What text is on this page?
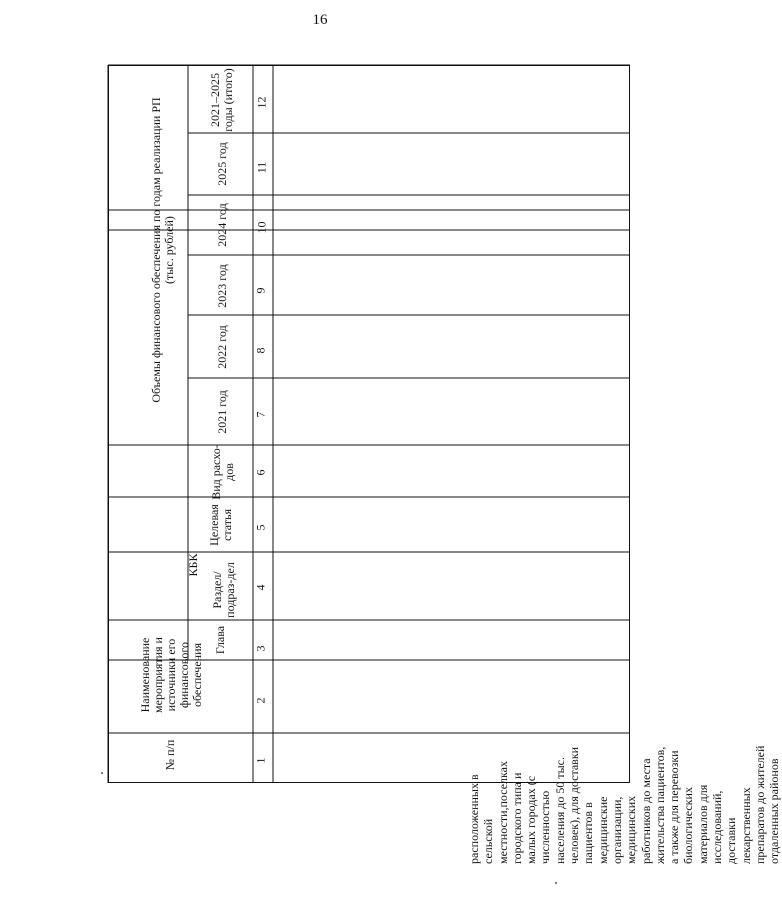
16
№ п/п
Наименование мероприятия и источники его финансового обеспечения
КБК
Глава
Раздел/ подраз-дел
Целевая статья
Вид расхо-дов
Объемы финансового обеспечения по годам реализации РП (тыс. рублей)
2021 год
2022 год
2023 год
2024 год
2025 год
2021–2025 годы (итого)
1
2
3
4
5
6
7
8
9
10
11
12
расположенных в сельской местности,поселках городского типа и малых городах (с численностью населения до 50 тыс. человек), для доставки пациентов в медицинские организации, медицинских работников до места жительства пациентов, а также для перевозки биологических материалов для исследований, доставки лекарственных препаратов до жителей отдаленных районов
